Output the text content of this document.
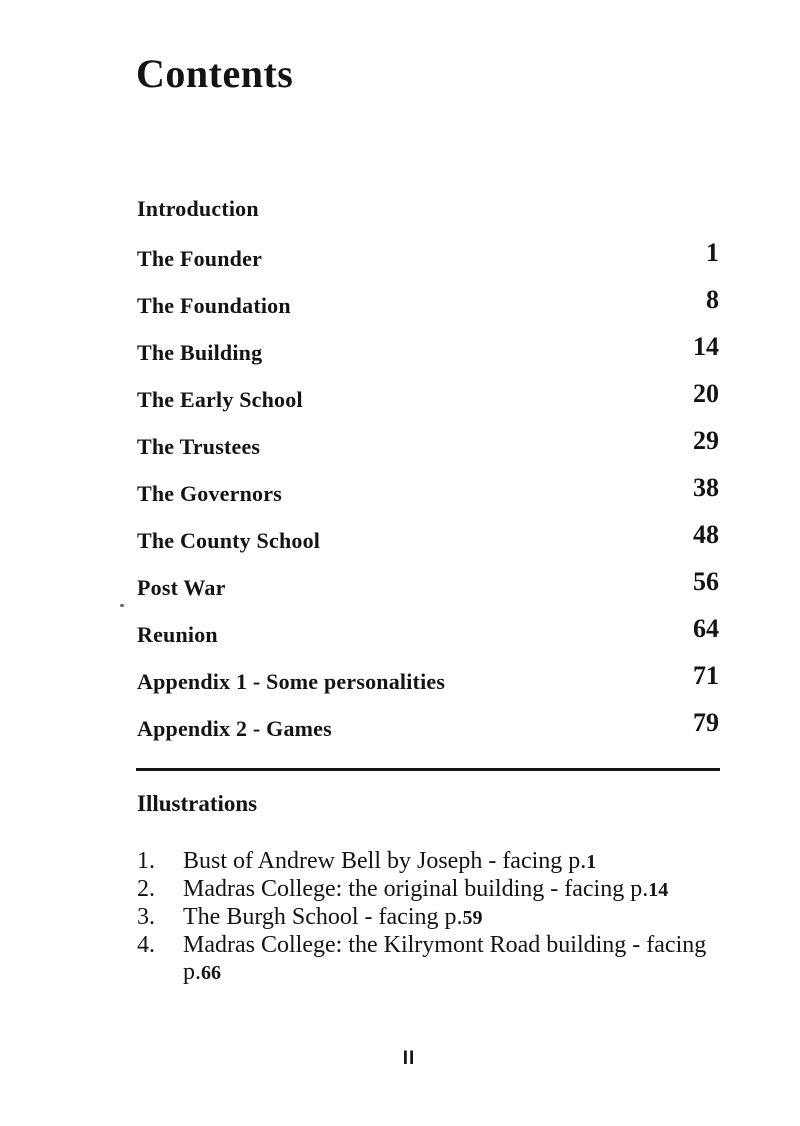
Contents
Introduction
The Founder	1
The Foundation	8
The Building	14
The Early School	20
The Trustees	29
The Governors	38
The County School	48
Post War	56
Reunion	64
Appendix 1 - Some personalities	71
Appendix 2 - Games	79
Illustrations
1.	Bust of Andrew Bell by Joseph - facing p.1
2.	Madras College: the original building - facing p.14
3.	The Burgh School - facing p.59
4.	Madras College: the Kilrymont Road building - facing
p.66
II
